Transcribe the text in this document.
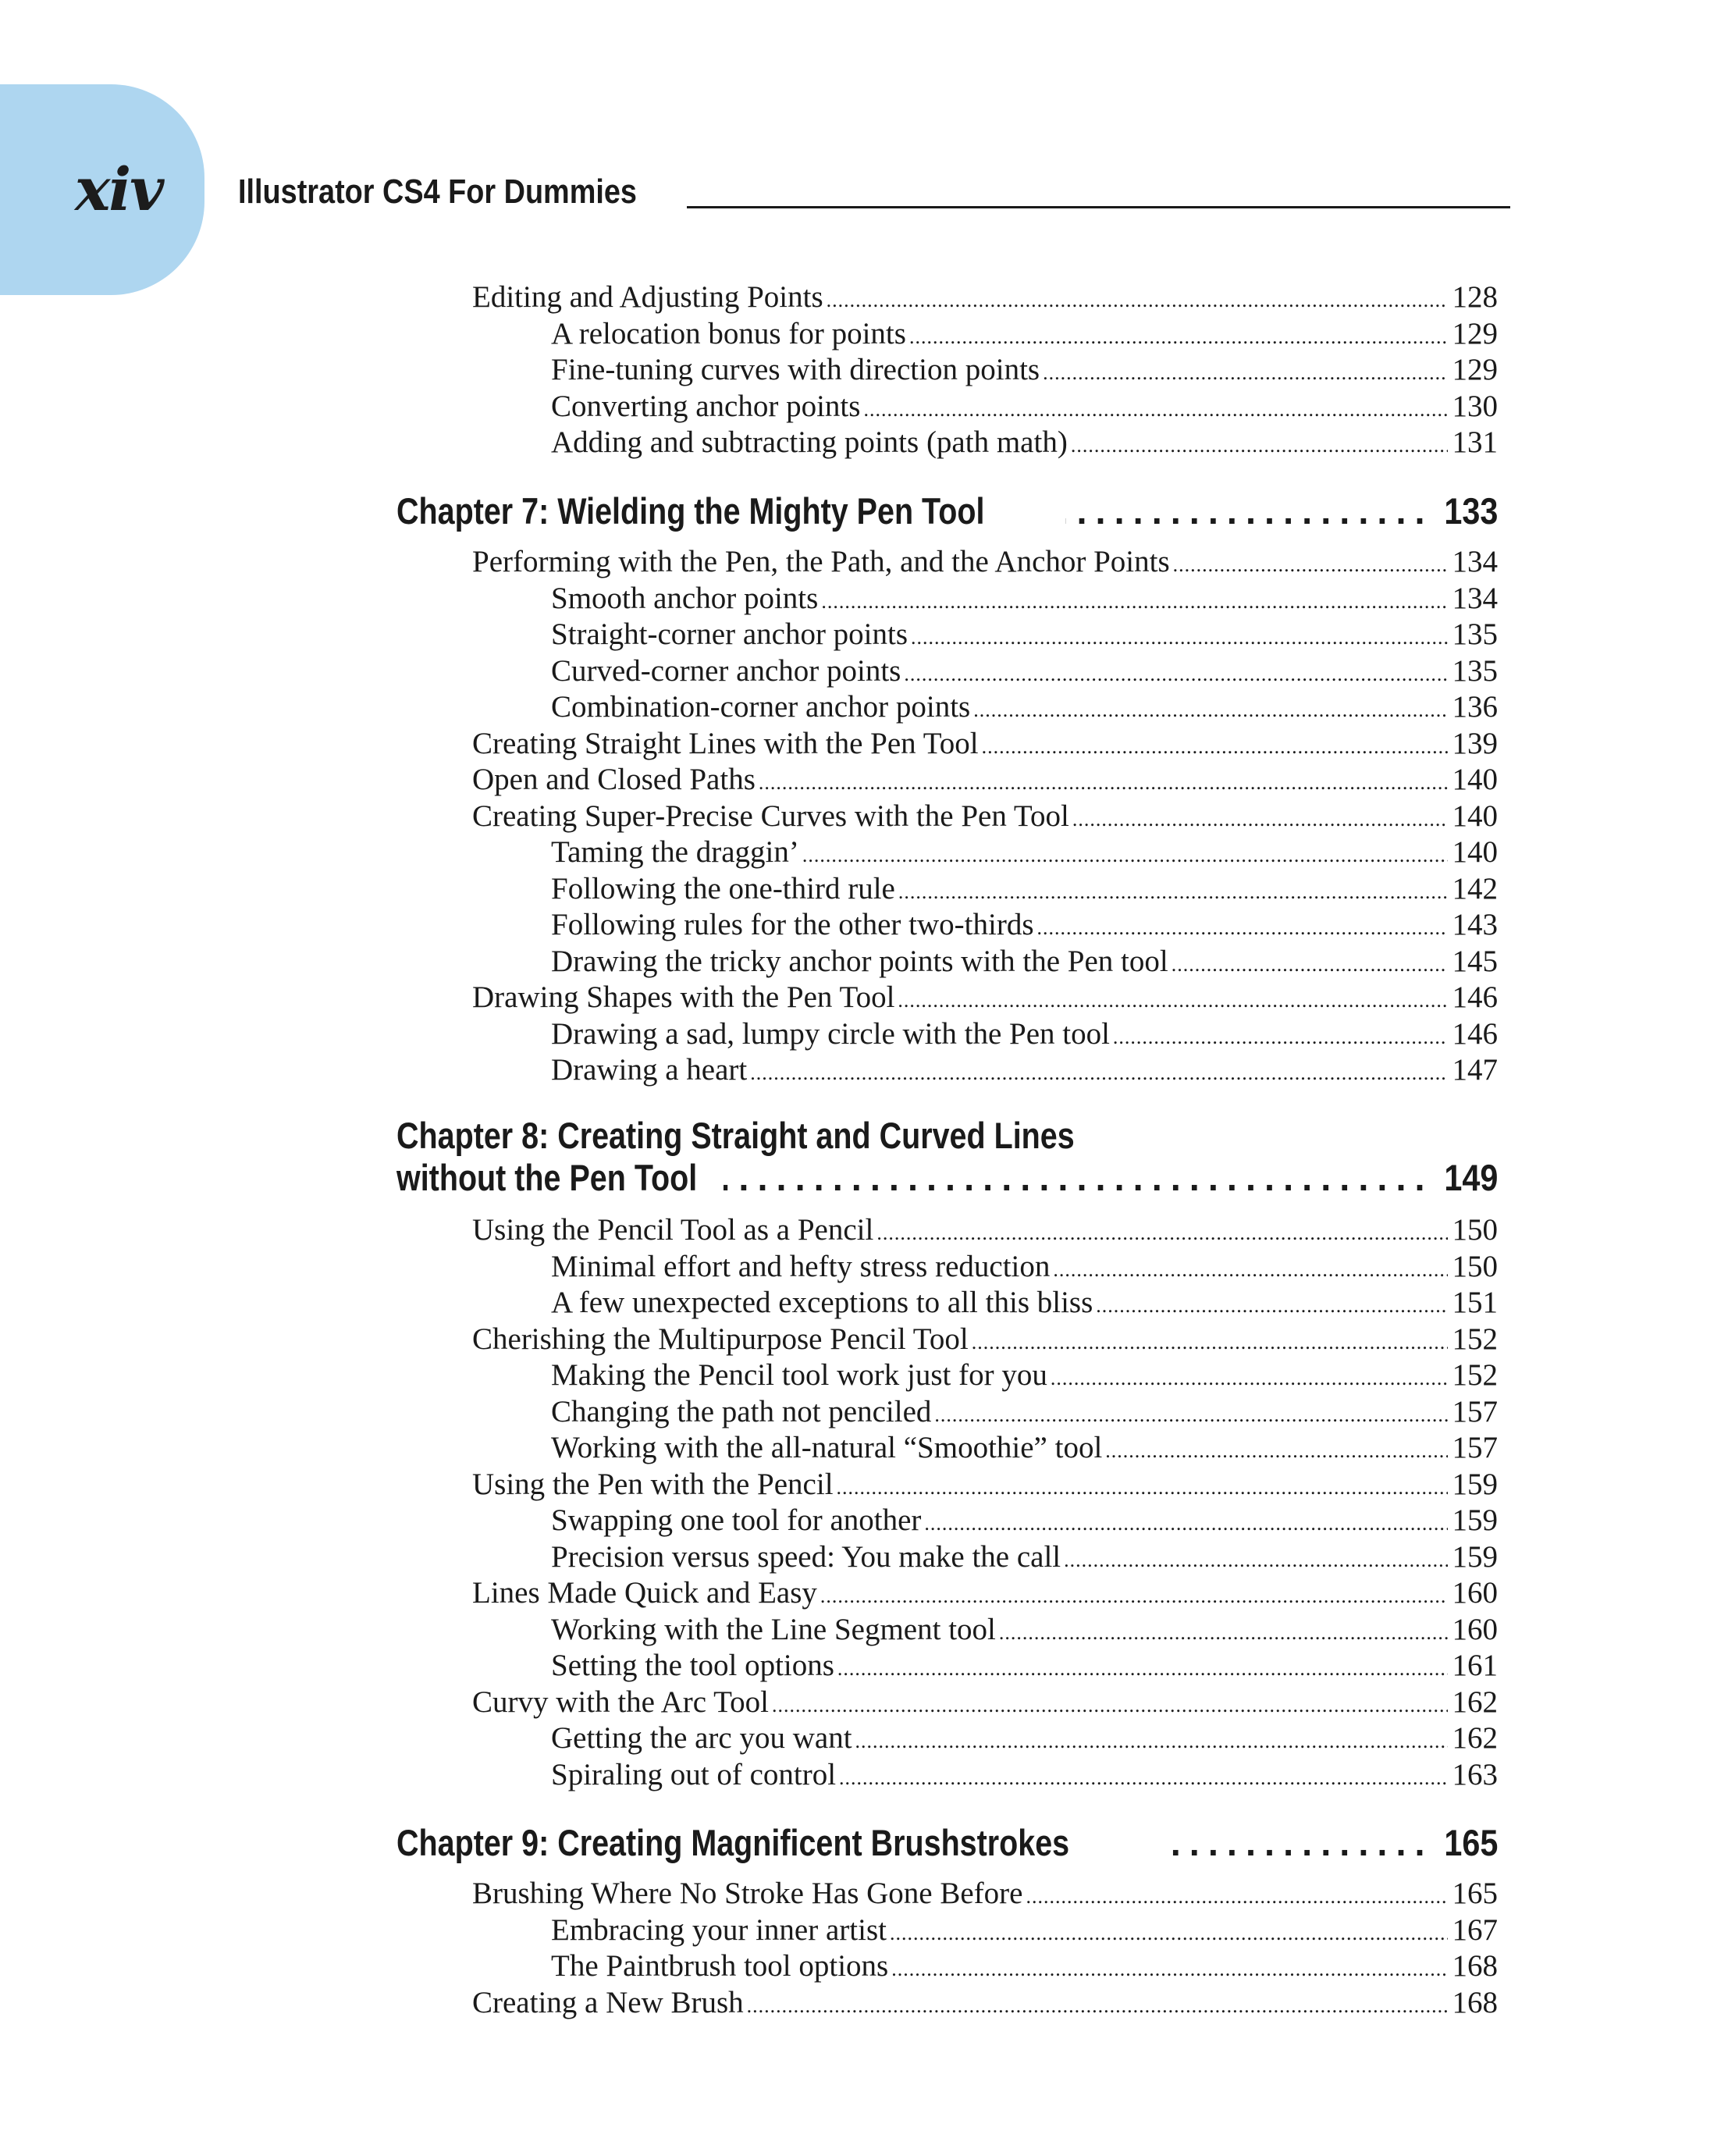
xiv Illustrator CS4 For Dummies
Editing and Adjusting Points .....	128
A relocation bonus for points .....	129
Fine-tuning curves with direction points .....	129
Converting anchor points .....	130
Adding and subtracting points (path math) .....	131
Chapter 7: Wielding the Mighty Pen Tool .....	133
Performing with the Pen, the Path, and the Anchor Points .....	134
Smooth anchor points .....	134
Straight-corner anchor points .....	135
Curved-corner anchor points .....	135
Combination-corner anchor points .....	136
Creating Straight Lines with the Pen Tool .....	139
Open and Closed Paths .....	140
Creating Super-Precise Curves with the Pen Tool .....	140
Taming the draggin’ .....	140
Following the one-third rule .....	142
Following rules for the other two-thirds .....	143
Drawing the tricky anchor points with the Pen tool .....	145
Drawing Shapes with the Pen Tool .....	146
Drawing a sad, lumpy circle with the Pen tool .....	146
Drawing a heart .....	147
Chapter 8: Creating Straight and Curved Lines
without the Pen Tool .....	149
Using the Pencil Tool as a Pencil .....	150
Minimal effort and hefty stress reduction .....	150
A few unexpected exceptions to all this bliss .....	151
Cherishing the Multipurpose Pencil Tool .....	152
Making the Pencil tool work just for you .....	152
Changing the path not penciled .....	157
Working with the all-natural “Smoothie” tool .....	157
Using the Pen with the Pencil .....	159
Swapping one tool for another .....	159
Precision versus speed: You make the call .....	159
Lines Made Quick and Easy .....	160
Working with the Line Segment tool .....	160
Setting the tool options .....	161
Curvy with the Arc Tool .....	162
Getting the arc you want .....	162
Spiraling out of control .....	163
Chapter 9: Creating Magnificent Brushstrokes .....	165
Brushing Where No Stroke Has Gone Before .....	165
Embracing your inner artist .....	167
The Paintbrush tool options .....	168
Creating a New Brush .....	168
